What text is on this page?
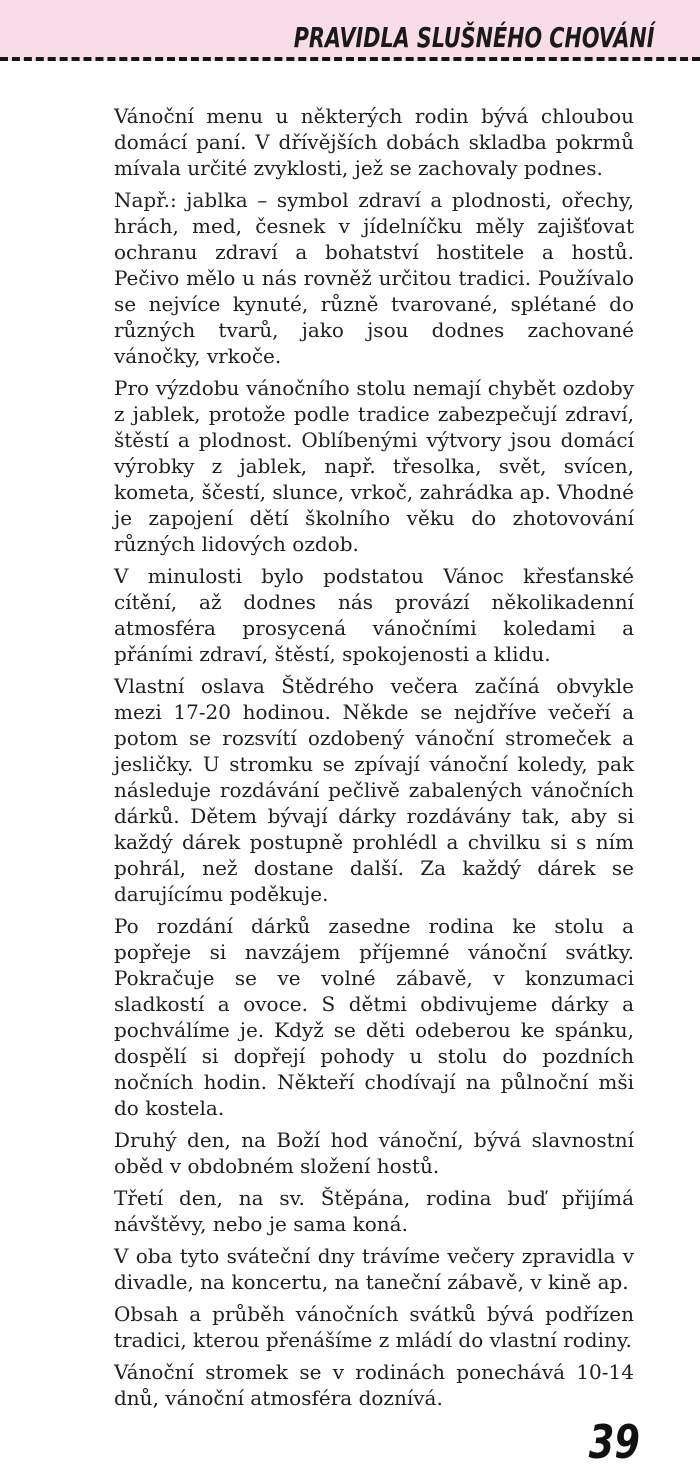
PRAVIDLA SLUŠNÉHO CHOVÁNÍ

Vánoční menu u některých rodin bývá chloubou domácí paní. V dřívějších dobách skladba pokrmů mívala určité zvyklosti, jež se zachovaly podnes.

Např.: jablka – symbol zdraví a plodnosti, ořechy, hrách, med, česnek v jídelníčku měly zajišťovat ochranu zdraví a bohatství hostitele a hostů. Pečivo mělo u nás rovněž určitou tradici. Používalo se nejvíce kynuté, různě tvarované, splétané do různých tvarů, jako jsou dodnes zachované vánočky, vrkoče.

Pro výzdobu vánočního stolu nemají chybět ozdoby z jablek, protože podle tradice zabezpečují zdraví, štěstí a plodnost. Oblíbenými výtvory jsou domácí výrobky z jablek, např. třesolka, svět, svícen, kometa, ščestí, slunce, vrkoč, zahrádka ap. Vhodné je zapojení dětí školního věku do zhotovování různých lidových ozdob.

V minulosti bylo podstatou Vánoc křesťanské cítění, až dodnes nás provází několikadenní atmosféra prosycená vánočními koledami a přáními zdraví, štěstí, spokojenosti a klidu.

Vlastní oslava Štědrého večera začíná obvykle mezi 17-20 hodinou. Někde se nejdříve večeří a potom se rozsvítí ozdobený vánoční stromeček a jesličky. U stromku se zpívají vánoční koledy, pak následuje rozdávání pečlivě zabalených vánočních dárků. Dětem bývají dárky rozdávány tak, aby si každý dárek postupně prohlédl a chvilku si s ním pohrál, než dostane další. Za každý dárek se darujícímu poděkuje.

Po rozdání dárků zasedne rodina ke stolu a popřeje si navzájem příjemné vánoční svátky. Pokračuje se ve volné zábavě, v konzumaci sladkostí a ovoce. S dětmi obdivujeme dárky a pochválíme je. Když se děti odeberou ke spánku, dospělí si dopřejí pohody u stolu do pozdních nočních hodin. Někteří chodívají na půlnoční mši do kostela.

Druhý den, na Boží hod vánoční, bývá slavnostní oběd v obdobném složení hostů.

Třetí den, na sv. Štěpána, rodina buď přijímá návštěvy, nebo je sama koná.

V oba tyto sváteční dny trávíme večery zpravidla v divadle, na koncertu, na taneční zábavě, v kině ap.

Obsah a průběh vánočních svátků bývá podřízen tradici, kterou přenášíme z mládí do vlastní rodiny.

Vánoční stromek se v rodinách ponechává 10-14 dnů, vánoční atmosféra doznívá.

39
